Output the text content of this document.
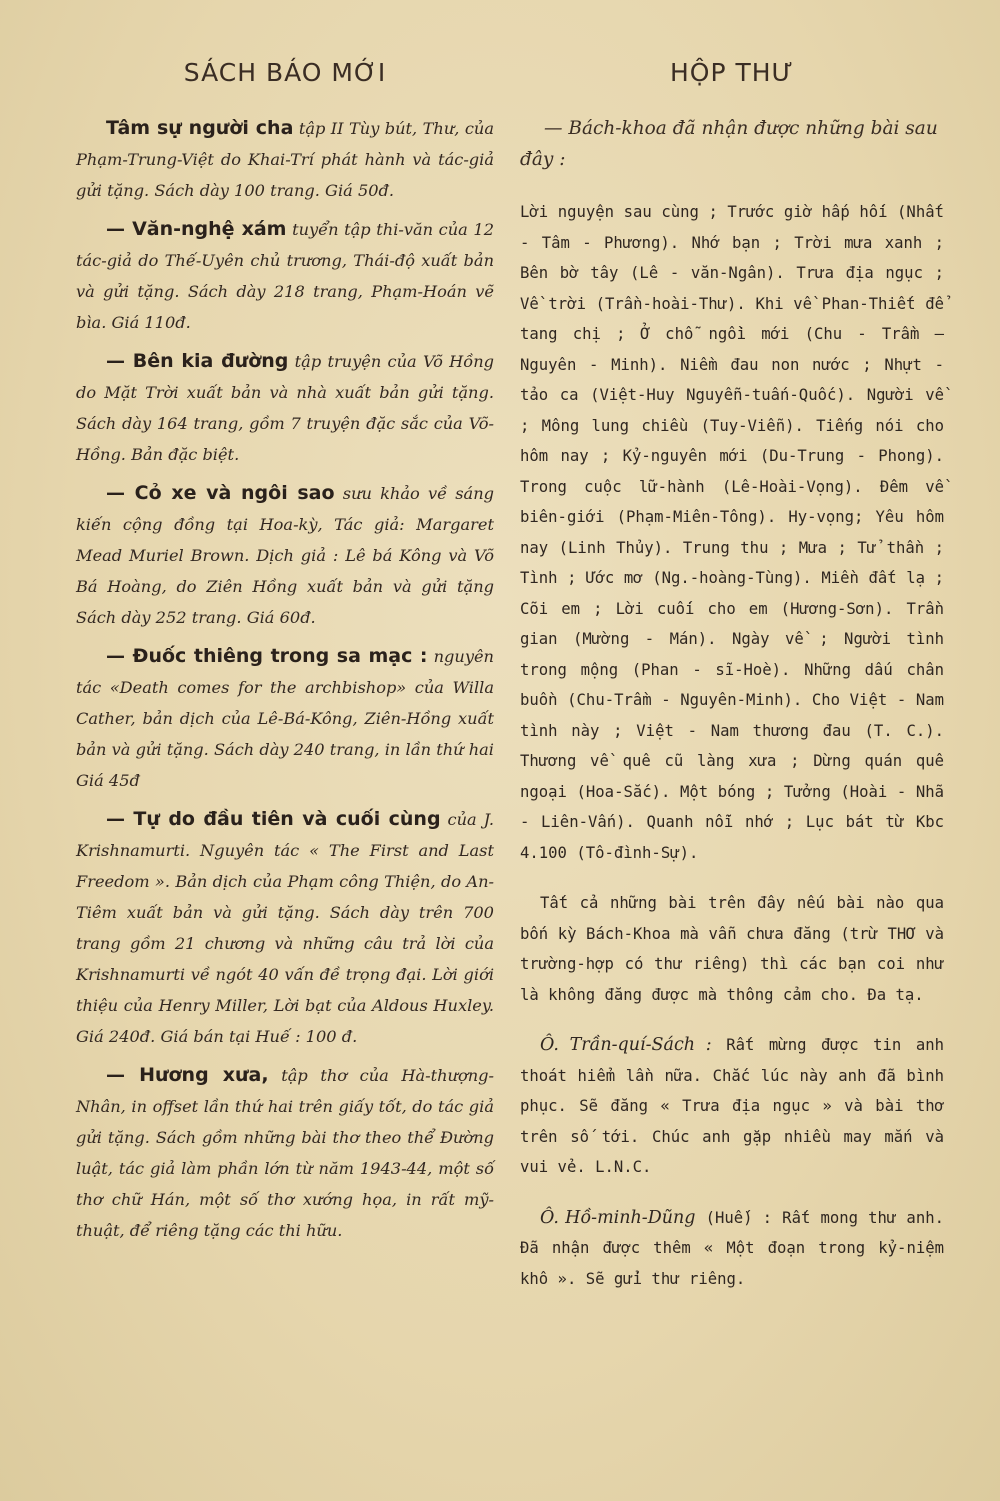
SÁCH BÁO MỚI

Tâm sự người cha tập II Tùy bút, Thư, của Phạm-Trung-Việt do Khai-Trí phát hành và tác-giả gửi tặng. Sách dày 100 trang. Giá 50đ.

— Văn-nghệ xám tuyển tập thi-văn của 12 tác-giả do Thế-Uyên chủ trương, Thái-độ xuất bản và gửi tặng. Sách dày 218 trang, Phạm-Hoán vẽ bìa. Giá 110đ.

— Bên kia đường tập truyện của Võ Hồng do Mặt Trời xuất bản và nhà xuất bản gửi tặng. Sách dày 164 trang, gồm 7 truyện đặc sắc của Võ-Hồng. Bản đặc biệt.

— Cỏ xe và ngôi sao sưu khảo về sáng kiến cộng đồng tại Hoa-kỳ, Tác giả: Margaret Mead Muriel Brown. Dịch giả : Lê bá Kông và Võ Bá Hoàng, do Ziên Hồng xuất bản và gửi tặng Sách dày 252 trang. Giá 60đ.

— Đuốc thiêng trong sa mạc : nguyên tác «Death comes for the archbishop» của Willa Cather, bản dịch của Lê-Bá-Kông, Ziên-Hồng xuất bản và gửi tặng. Sách dày 240 trang, in lần thứ hai Giá 45đ

— Tự do đầu tiên và cuối cùng của J. Krishnamurti. Nguyên tác « The First and Last Freedom ». Bản dịch của Phạm công Thiện, do An-Tiêm xuất bản và gửi tặng. Sách dày trên 700 trang gồm 21 chương và những câu trả lời của Krishnamurti về ngót 40 vấn đề trọng đại. Lời giới thiệu của Henry Miller, Lời bạt của Aldous Huxley. Giá 240đ. Giá bán tại Huế : 100 đ.

— Hương xưa, tập thơ của Hà-thượng-Nhân, in offset lần thứ hai trên giấy tốt, do tác giả gửi tặng. Sách gồm những bài thơ theo thể Đường luật, tác giả làm phần lớn từ năm 1943-44, một số thơ chữ Hán, một số thơ xướng họa, in rất mỹ-thuật, để riêng tặng các thi hữu.

HỘP THƯ

— Bách-khoa đã nhận được những bài sau đây :

Lời nguyện sau cùng ; Trước giờ hấp hối (Nhất - Tâm - Phương). Nhớ bạn ; Trời mưa xanh ; Bên bờ tây (Lê - văn-Ngân). Trưa địa ngục ; Về trời (Trần-hoài-Thư). Khi về Phan-Thiết để tang chị ; Ở chỗ ngồi mới (Chu - Trầm — Nguyên - Minh). Niềm đau non nước ; Nhựt - tảo ca (Việt-Huy Nguyễn-tuấn-Quốc). Người về ; Mông lung chiều (Tuy-Viễn). Tiếng nói cho hôm nay ; Kỷ-nguyên mới (Du-Trung - Phong). Trong cuộc lữ-hành (Lê-Hoài-Vọng). Đêm về biên-giới (Phạm-Miên-Tông). Hy-vọng; Yêu hôm nay (Linh Thủy). Trung thu ; Mưa ; Tử thần ; Tình ; Ước mơ (Ng.-hoàng-Tùng). Miền đất lạ ; Cõi em ; Lời cuối cho em (Hương-Sơn). Trần gian (Mường - Mán). Ngày về ; Người tình trong mộng (Phan - sĩ-Hoè). Những dấu chân buồn (Chu-Trầm - Nguyên-Minh). Cho Việt - Nam tình này ; Việt - Nam thương đau (T. C.). Thương về quê cũ làng xưa ; Dừng quán quê ngoại (Hoa-Sắc). Một bóng ; Tưởng (Hoài - Nhã - Liên-Vấn). Quanh nỗi nhớ ; Lục bát từ Kbc 4.100 (Tô-đình-Sự).

Tất cả những bài trên đây nếu bài nào qua bốn kỳ Bách-Khoa mà vẫn chưa đăng (trừ THƠ và trường-hợp có thư riêng) thì các bạn coi như là không đăng được mà thông cảm cho. Đa tạ.

Ô. Trần-quí-Sách : Rất mừng được tin anh thoát hiểm lần nữa. Chắc lúc này anh đã bình phục. Sẽ đăng « Trưa địa ngục » và bài thơ trên số tới. Chúc anh gặp nhiều may mắn và vui vẻ. L.N.C.

Ô. Hồ-minh-Dũng (Huế) : Rất mong thư anh. Đã nhận được thêm « Một đoạn trong kỷ-niệm khô ». Sẽ gửi thư riêng.
